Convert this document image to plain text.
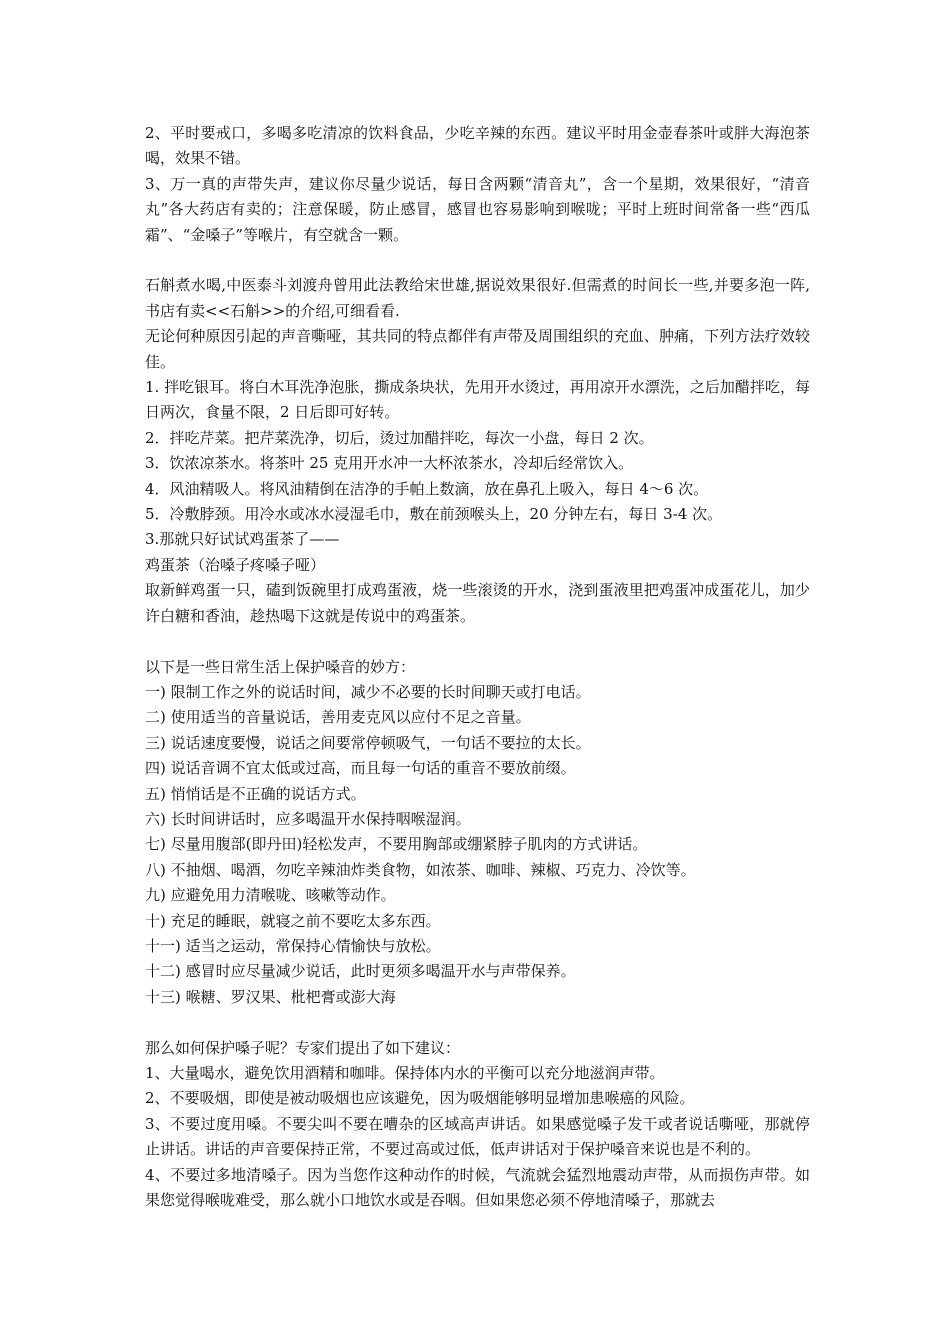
2、平时要戒口，多喝多吃清凉的饮料食品，少吃辛辣的东西。建议平时用金壶春茶叶或胖大海泡茶喝，效果不错。

3、万一真的声带失声，建议你尽量少说话，每日含两颗“清音丸”，含一个星期，效果很好，“清音丸”各大药店有卖的；注意保暖，防止感冒，感冒也容易影响到喉咙；平时上班时间常备一些“西瓜霜”、“金嗓子”等喉片，有空就含一颗。

石斛煮水喝,中医泰斗刘渡舟曾用此法教给宋世雄,据说效果很好.但需煮的时间长一些,并要多泡一阵,书店有卖<<石斛>>的介绍,可细看看.

无论何种原因引起的声音嘶哑，其共同的特点都伴有声带及周围组织的充血、肿痛，下列方法疗效较佳。

1. 拌吃银耳。将白木耳洗净泡胀，撕成条块状，先用开水烫过，再用凉开水漂洗，之后加醋拌吃，每日两次，食量不限，2 日后即可好转。

2．拌吃芹菜。把芹菜洗净，切后，烫过加醋拌吃，每次一小盘，每日 2 次。

3．饮浓凉茶水。将茶叶 25 克用开水冲一大杯浓茶水，冷却后经常饮入。

4．风油精吸人。将风油精倒在洁净的手帕上数滴，放在鼻孔上吸入，每日 4～6 次。

5．冷敷脖颈。用冷水或冰水浸湿毛巾，敷在前颈喉头上，20 分钟左右，每日 3-4 次。

3.那就只好试试鸡蛋茶了——

鸡蛋茶（治嗓子疼嗓子哑）

取新鲜鸡蛋一只，磕到饭碗里打成鸡蛋液，烧一些滚烫的开水，浇到蛋液里把鸡蛋冲成蛋花儿，加少许白糖和香油，趁热喝下这就是传说中的鸡蛋茶。

以下是一些日常生活上保护嗓音的妙方：

一) 限制工作之外的说话时间，减少不必要的长时间聊天或打电话。

二) 使用适当的音量说话，善用麦克风以应付不足之音量。

三) 说话速度要慢，说话之间要常停顿吸气，一句话不要拉的太长。

四) 说话音调不宜太低或过高，而且每一句话的重音不要放前缀。

五) 悄悄话是不正确的说话方式。

六) 长时间讲话时，应多喝温开水保持咽喉湿润。

七) 尽量用腹部(即丹田)轻松发声，不要用胸部或绷紧脖子肌肉的方式讲话。

八) 不抽烟、喝酒，勿吃辛辣油炸类食物，如浓茶、咖啡、辣椒、巧克力、冷饮等。

九) 应避免用力清喉咙、咳嗽等动作。

十) 充足的睡眠，就寝之前不要吃太多东西。

十一) 适当之运动，常保持心情愉快与放松。

十二) 感冒时应尽量减少说话，此时更须多喝温开水与声带保养。

十三) 喉糖、罗汉果、枇杷膏或澎大海

那么如何保护嗓子呢？专家们提出了如下建议：

1、大量喝水，避免饮用酒精和咖啡。保持体内水的平衡可以充分地滋润声带。

2、不要吸烟，即使是被动吸烟也应该避免，因为吸烟能够明显增加患喉癌的风险。

3、不要过度用嗓。不要尖叫不要在嘈杂的区域高声讲话。如果感觉嗓子发干或者说话嘶哑，那就停止讲话。讲话的声音要保持正常，不要过高或过低，低声讲话对于保护嗓音来说也是不利的。

4、不要过多地清嗓子。因为当您作这种动作的时候，气流就会猛烈地震动声带，从而损伤声带。如果您觉得喉咙难受，那么就小口地饮水或是吞咽。但如果您必须不停地清嗓子，那就去
